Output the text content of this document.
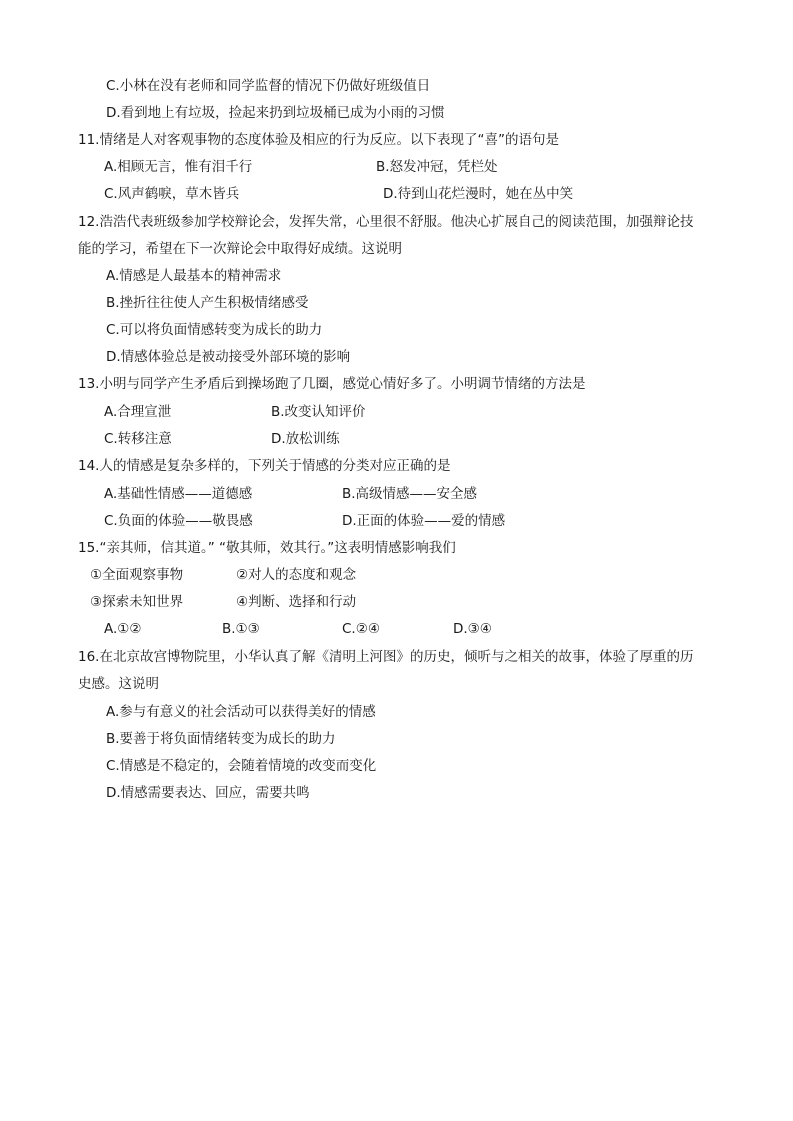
C.小林在没有老师和同学监督的情况下仍做好班级值日
D.看到地上有垃圾，捡起来扔到垃圾桶已成为小雨的习惯
11.情绪是人对客观事物的态度体验及相应的行为反应。以下表现了“喜”的语句是
A.相顾无言，惟有泪千行	B.怒发冲冠，凭栏处
C.风声鹤唳，草木皆兵	D.待到山花烂漫时，她在丛中笑
12.浩浩代表班级参加学校辩论会，发挥失常，心里很不舒服。他决心扩展自己的阅读范围，加强辩论技
能的学习，希望在下一次辩论会中取得好成绩。这说明
A.情感是人最基本的精神需求
B.挫折往往使人产生积极情绪感受
C.可以将负面情感转变为成长的助力
D.情感体验总是被动接受外部环境的影响
13.小明与同学产生矛盾后到操场跑了几圈，感觉心情好多了。小明调节情绪的方法是
A.合理宣泄	B.改变认知评价
C.转移注意	D.放松训练
14.人的情感是复杂多样的，下列关于情感的分类对应正确的是
A.基础性情感——道德感	B.高级情感——安全感
C.负面的体验——敬畏感	D.正面的体验——爱的情感
15.“亲其师，信其道。” “敬其师，效其行。”这表明情感影响我们
①全面观察事物	②对人的态度和观念
③探索未知世界	④判断、选择和行动
A.①②	B.①③	C.②④	D.③④
16.在北京故宫博物院里，小华认真了解《清明上河图》的历史，倾听与之相关的故事，体验了厚重的历
史感。这说明
A.参与有意义的社会活动可以获得美好的情感
B.要善于将负面情绪转变为成长的助力
C.情感是不稳定的，会随着情境的改变而变化
D.情感需要表达、回应，需要共鸣
